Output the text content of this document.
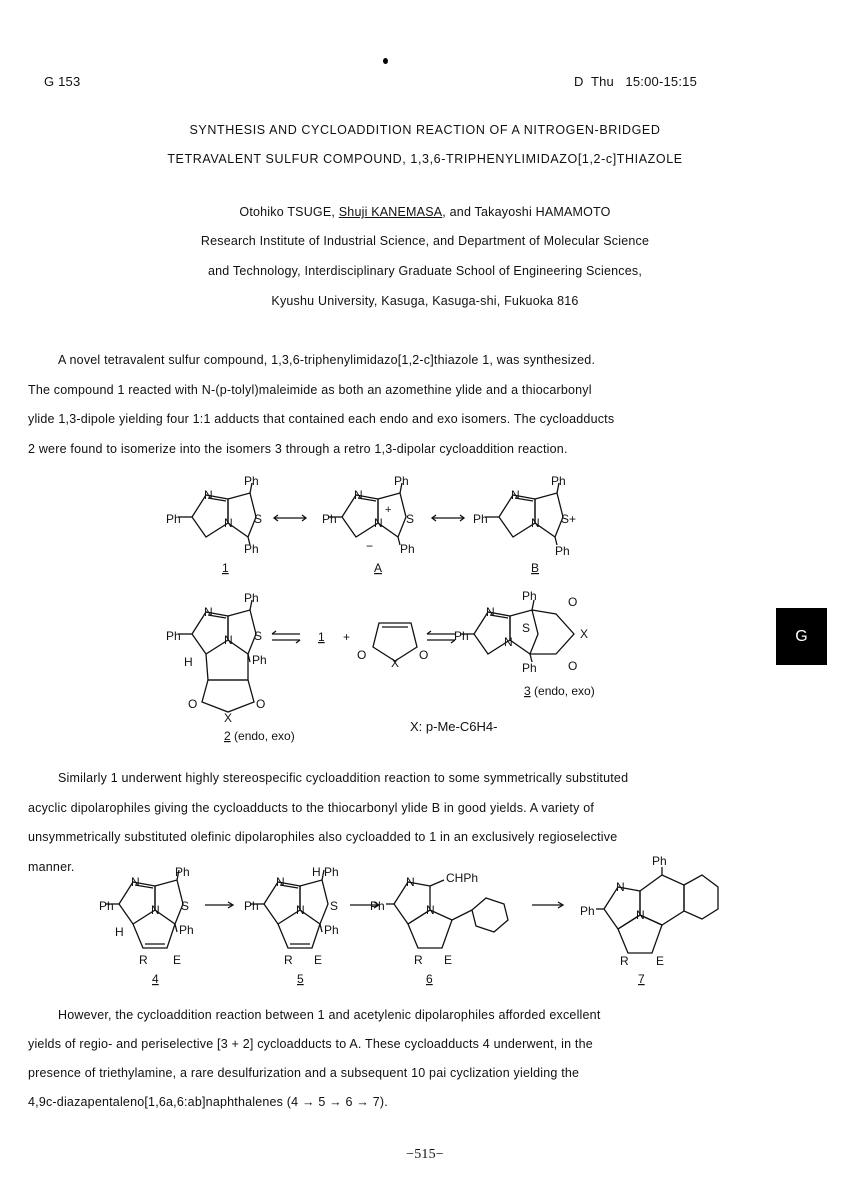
G 153	D  Thu   15:00-15:15
SYNTHESIS AND CYCLOADDITION REACTION OF A NITROGEN-BRIDGED
TETRAVALENT SULFUR COMPOUND, 1,3,6-TRIPHENYLIMIDAZO[1,2-c]THIAZOLE
Otohiko TSUGE, Shuji KANEMASA, and Takayoshi HAMAMOTO
Research Institute of Industrial Science, and Department of Molecular Science
and Technology, Interdisciplinary Graduate School of Engineering Sciences,
Kyushu University, Kasuga, Kasuga-shi, Fukuoka 816
A novel tetravalent sulfur compound, 1,3,6-triphenylimidazo[1,2-c]thiazole 1, was synthesized.
The compound 1 reacted with N-(p-tolyl)maleimide as both an azomethine ylide and a thiocarbonyl
ylide 1,3-dipole yielding four 1:1 adducts that contained each endo and exo isomers. The cycloadducts
2 were found to isomerize into the isomers 3 through a retro 1,3-dipolar cycloaddition reaction.
Similarly 1 underwent highly stereospecific cycloaddition reaction to some symmetrically substituted
acyclic dipolarophiles giving the cycloadducts to the thiocarbonyl ylide B in good yields. A variety of
unsymmetrically substituted olefinic dipolarophiles also cycloadded to 1 in an exclusively regioselective
manner.
However, the cycloaddition reaction between 1 and acetylenic dipolarophiles afforded excellent
yields of regio- and periselective [3 + 2] cycloadducts to A. These cycloadducts 4 underwent, in the
presence of triethylamine, a rare desulfurization and a subsequent 10 pai cyclization yielding the
4,9c-diazapentaleno[1,6a,6:ab]naphthalenes (4 → 5 → 6 → 7).
−515−
G
N
N S
Ph
Ph
Ph
N
N S
Ph
Ph
Ph
−
+
N
N S+
Ph
Ph
Ph
1	A	B
N
N S
Ph
Ph
Ph
H
O	O
X
1 +
O	O
X
N
N
S
Ph
Ph
Ph
O
O
X
3 (endo, exo)
2 (endo, exo)
X: p-Me-C6H4-
N
N S
Ph
Ph
Ph
H
R E
N
N S
H Ph
Ph
Ph
R E
N
N
CHPh
Ph
R E
N
N
Ph
Ph
R E
4	5	6	7
